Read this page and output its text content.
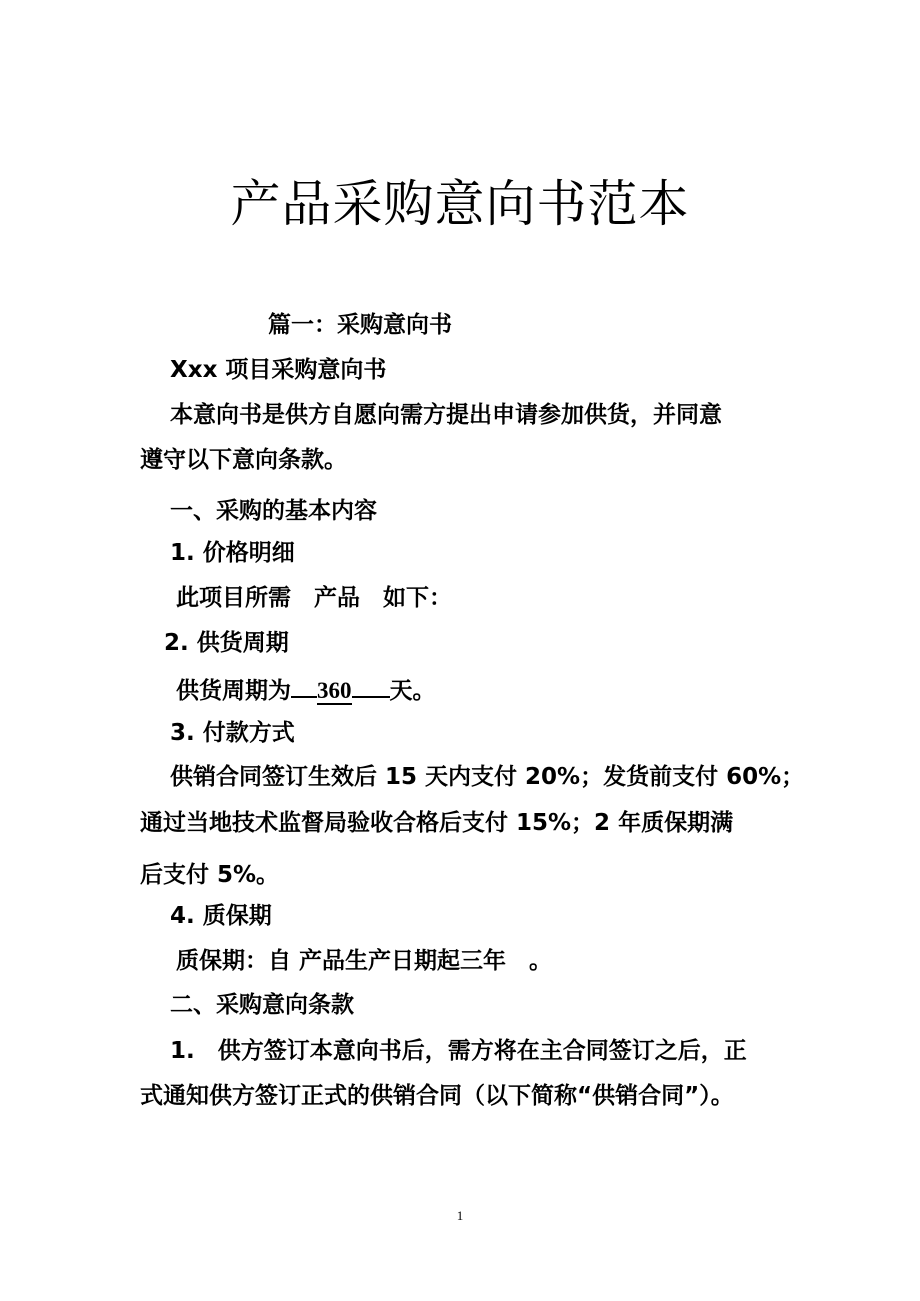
产品采购意向书范本
篇一：采购意向书
Xxx 项目采购意向书
本意向书是供方自愿向需方提出申请参加供货，并同意
遵守以下意向条款。
一、采购的基本内容
1. 价格明细
此项目所需　产品　如下：
2. 供货周期
供货周期为 360 天。
3. 付款方式
供销合同签订生效后 15 天内支付 20%；发货前支付 60%；
通过当地技术监督局验收合格后支付 15%；2 年质保期满
后支付 5%。
4. 质保期
质保期：自 产品生产日期起三年　。
二、采购意向条款
1.　供方签订本意向书后，需方将在主合同签订之后，正
式通知供方签订正式的供销合同（以下简称“供销合同”）。
1
